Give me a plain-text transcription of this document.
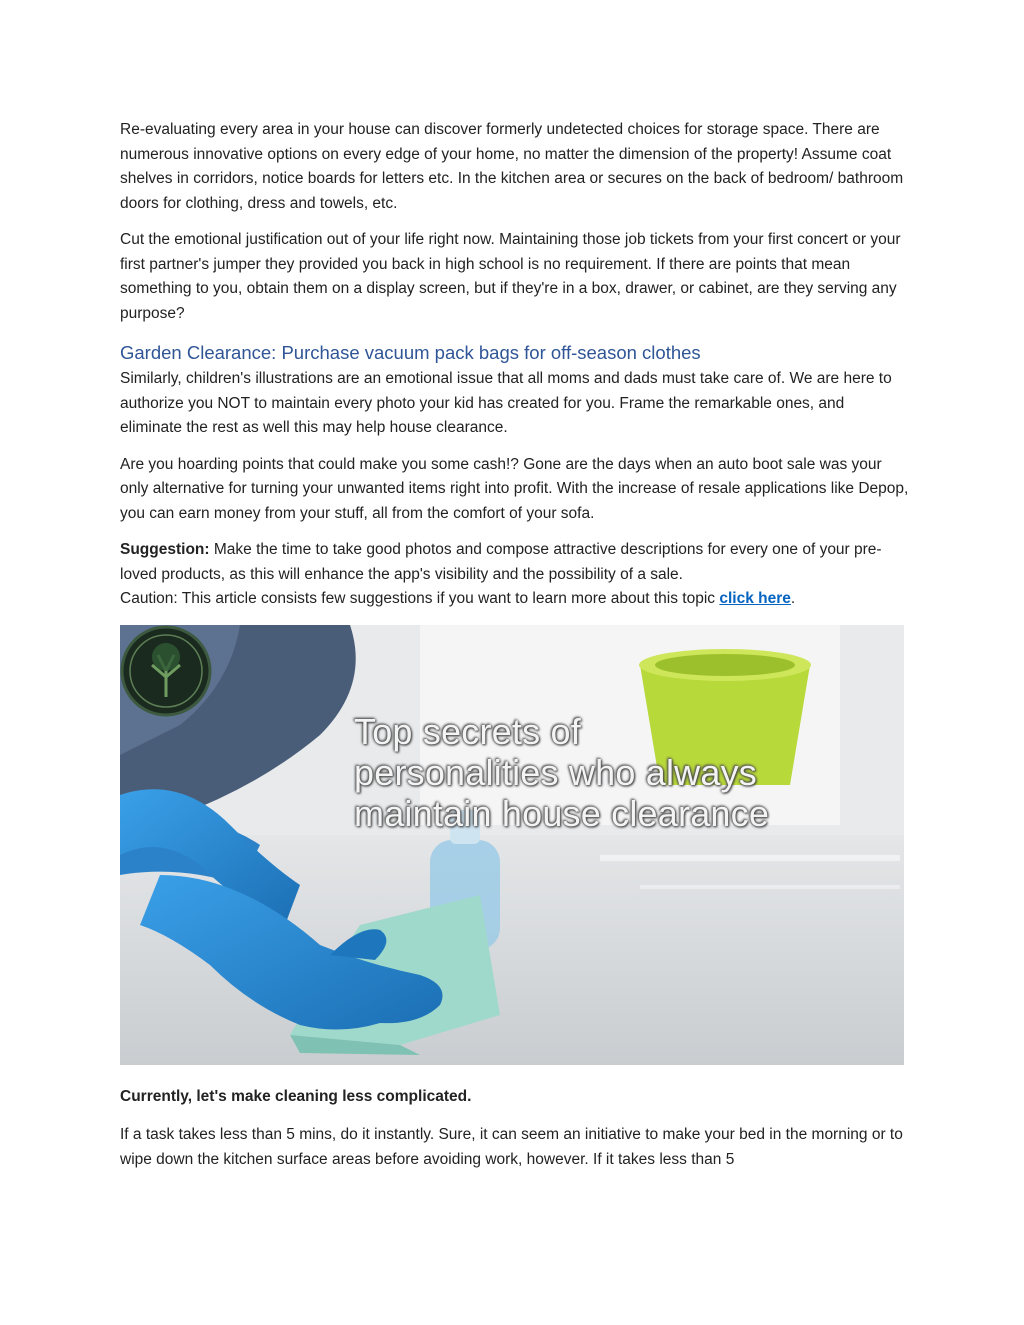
Re-evaluating every area in your house can discover formerly undetected choices for storage space. There are numerous innovative options on every edge of your home, no matter the dimension of the property! Assume coat shelves in corridors, notice boards for letters etc. In the kitchen area or secures on the back of bedroom/ bathroom doors for clothing, dress and towels, etc.

Cut the emotional justification out of your life right now. Maintaining those job tickets from your first concert or your first partner's jumper they provided you back in high school is no requirement. If there are points that mean something to you, obtain them on a display screen, but if they're in a box, drawer, or cabinet, are they serving any purpose?

Garden Clearance: Purchase vacuum pack bags for off-season clothes

Similarly, children's illustrations are an emotional issue that all moms and dads must take care of. We are here to authorize you NOT to maintain every photo your kid has created for you. Frame the remarkable ones, and eliminate the rest as well this may help house clearance.

Are you hoarding points that could make you some cash!? Gone are the days when an auto boot sale was your only alternative for turning your unwanted items right into profit. With the increase of resale applications like Depop, you can earn money from your stuff, all from the comfort of your sofa.

Suggestion: Make the time to take good photos and compose attractive descriptions for every one of your pre-loved products, as this will enhance the app's visibility and the possibility of a sale.

Caution: This article consists few suggestions if you want to learn more about this topic click here.

Top secrets of
personalities who always
maintain house clearance

Currently, let's make cleaning less complicated.

If a task takes less than 5 mins, do it instantly. Sure, it can seem an initiative to make your bed in the morning or to wipe down the kitchen surface areas before avoiding work, however. If it takes less than 5
